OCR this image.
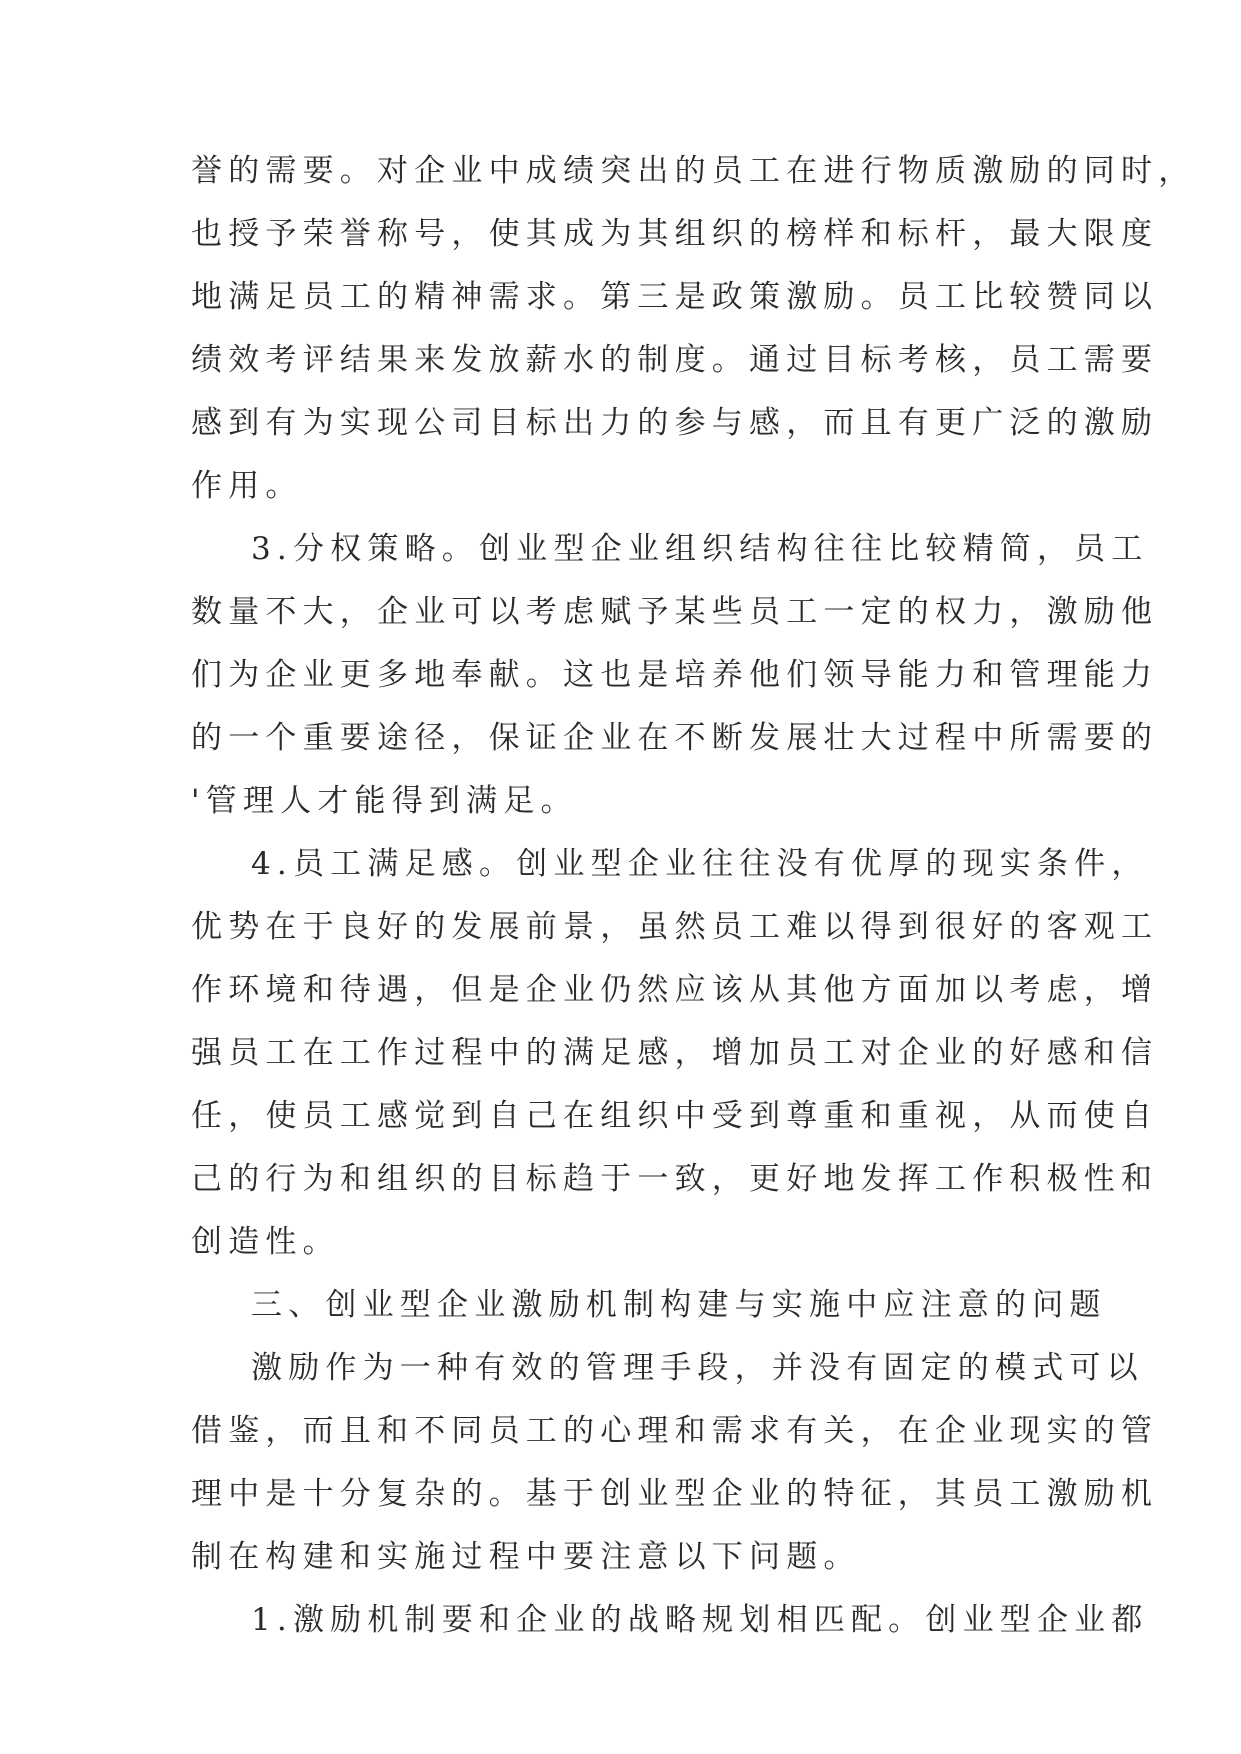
誉的需要。对企业中成绩突出的员工在进行物质激励的同时，
也授予荣誉称号，使其成为其组织的榜样和标杆，最大限度
地满足员工的精神需求。第三是政策激励。员工比较赞同以
绩效考评结果来发放薪水的制度。通过目标考核，员工需要
感到有为实现公司目标出力的参与感，而且有更广泛的激励
作用。
3.分权策略。创业型企业组织结构往往比较精简，员工
数量不大，企业可以考虑赋予某些员工一定的权力，激励他
们为企业更多地奉献。这也是培养他们领导能力和管理能力
的一个重要途径，保证企业在不断发展壮大过程中所需要的
'管理人才能得到满足。
4.员工满足感。创业型企业往往没有优厚的现实条件，
优势在于良好的发展前景，虽然员工难以得到很好的客观工
作环境和待遇，但是企业仍然应该从其他方面加以考虑，增
强员工在工作过程中的满足感，增加员工对企业的好感和信
任，使员工感觉到自己在组织中受到尊重和重视，从而使自
己的行为和组织的目标趋于一致，更好地发挥工作积极性和
创造性。
三、创业型企业激励机制构建与实施中应注意的问题
激励作为一种有效的管理手段，并没有固定的模式可以
借鉴，而且和不同员工的心理和需求有关，在企业现实的管
理中是十分复杂的。基于创业型企业的特征，其员工激励机
制在构建和实施过程中要注意以下问题。
1.激励机制要和企业的战略规划相匹配。创业型企业都
